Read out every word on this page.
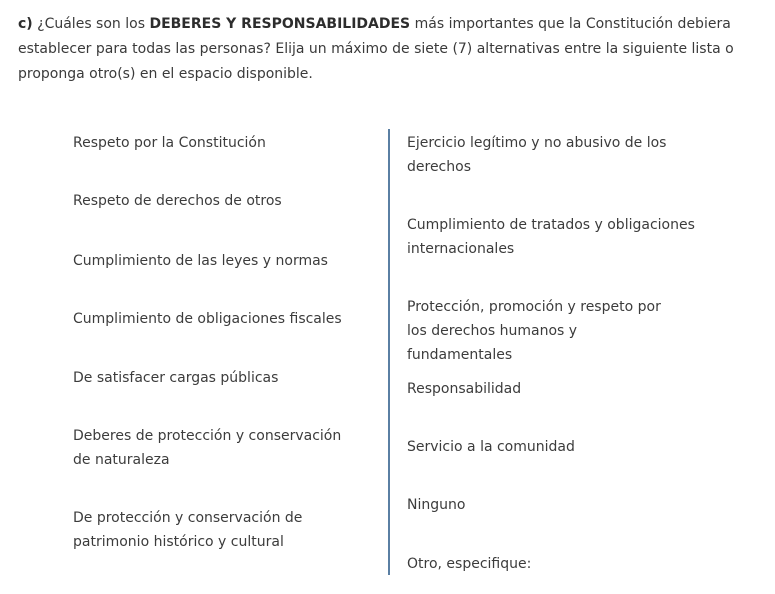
c) ¿Cuáles son los DEBERES Y RESPONSABILIDADES más importantes que la Constitución debiera establecer para todas las personas? Elija un máximo de siete (7) alternativas entre la siguiente lista o proponga otro(s) en el espacio disponible.
Respeto por la Constitución
Respeto de derechos de otros
Cumplimiento de las leyes y normas
Cumplimiento de obligaciones fiscales
De satisfacer cargas públicas
Deberes de protección y conservación de naturaleza
De protección y conservación de patrimonio histórico y cultural
Ejercicio legítimo y no abusivo de los derechos
Cumplimiento de tratados y obligaciones internacionales
Protección, promoción y respeto por los derechos humanos y fundamentales
Responsabilidad
Servicio a la comunidad
Ninguno
Otro, especifique:
